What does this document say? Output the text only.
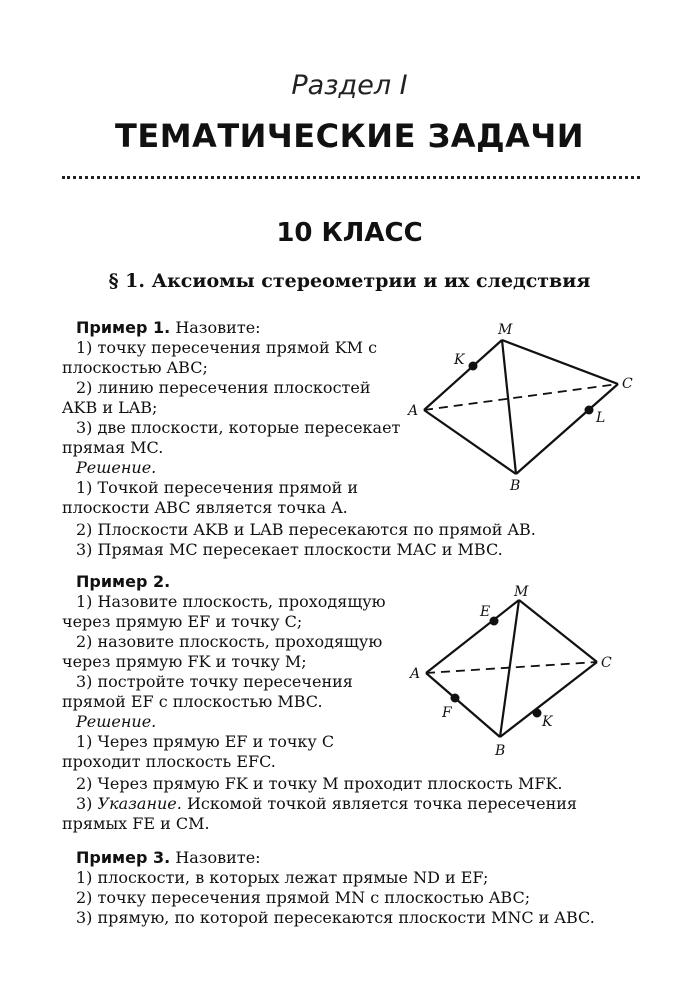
Раздел I
ТЕМАТИЧЕСКИЕ ЗАДАЧИ
10 КЛАСС
§ 1. Аксиомы стереометрии и их следствия

Пример 1. Назовите:

1) точку пересечения прямой KM с плоскостью ABC;

2) линию пересечения плоскостей AKB и LAB;

3) две плоскости, которые пересекает прямая MC.

Решение.

1) Точкой пересечения прямой и плоскости ABC является точка A.

2) Плоскости AKB и LAB пересекаются по прямой AB.

3) Прямая MC пересекает плоскости MAC и MBC.

M
K
C
A	L
B

Пример 2.

1) Назовите плоскость, проходящую через прямую EF и точку C;

2) назовите плоскость, проходящую через прямую FK и точку M;

3) постройте точку пересечения прямой EF с плоскостью MBC.

Решение.

1) Через прямую EF и точку C проходит плоскость EFC.

2) Через прямую FK и точку M проходит плоскость MFK.

3) Указание. Искомой точкой является точка пересечения прямых FE и CM.

M
E
C
A
F
K
B

Пример 3. Назовите:

1) плоскости, в которых лежат прямые ND и EF;

2) точку пересечения прямой MN с плоскостью ABC;

3) прямую, по которой пересекаются плоскости MNC и ABC.
